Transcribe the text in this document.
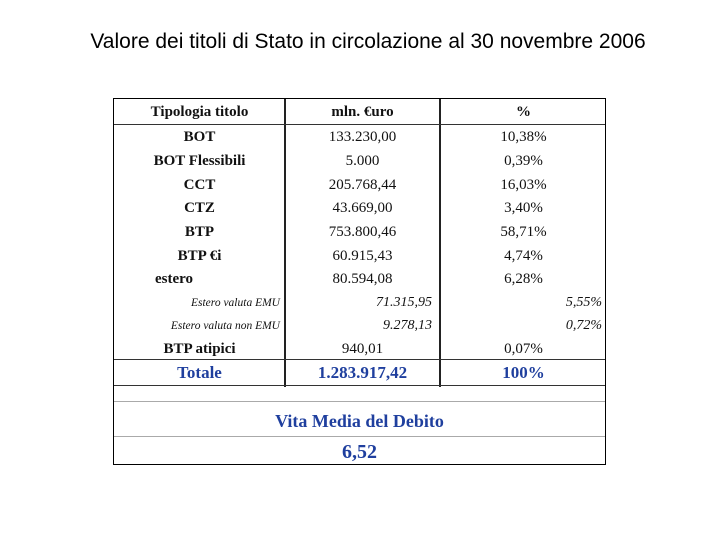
Valore dei titoli di Stato in circolazione al 30 novembre 2006
Tipologia titolo	mln. €uro	%
BOT	133.230,00	10,38%
BOT Flessibili	5.000	0,39%
CCT	205.768,44	16,03%
CTZ	43.669,00	3,40%
BTP	753.800,46	58,71%
BTP €i	60.915,43	4,74%
estero	80.594,08	6,28%
Estero valuta EMU	71.315,95	5,55%
Estero valuta non EMU	9.278,13	0,72%
BTP atipici	940,01	0,07%
Totale	1.283.917,42	100%
Vita Media del Debito
6,52
